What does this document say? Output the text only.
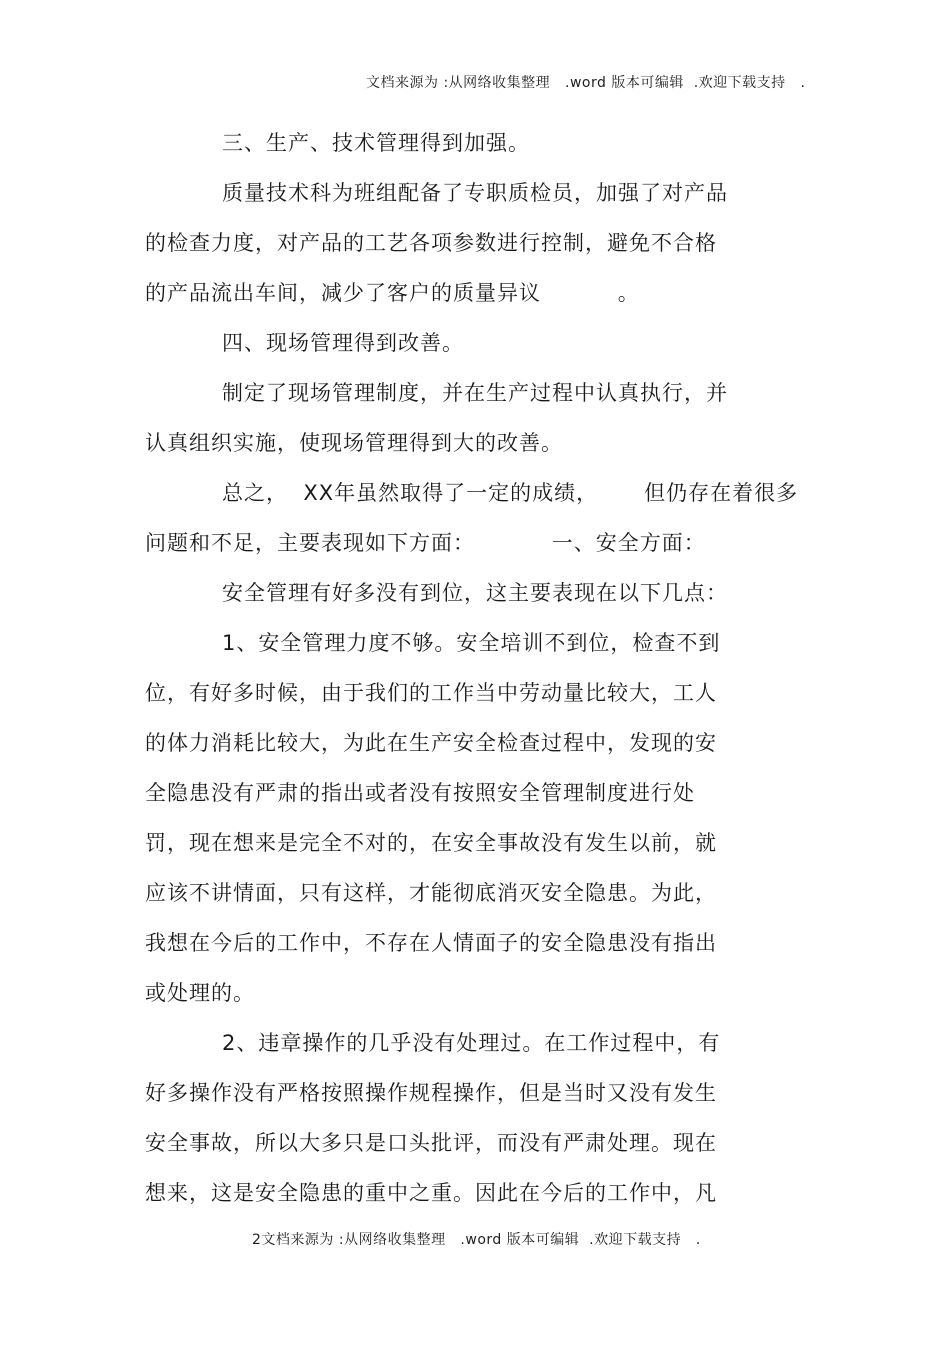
文档来源为 :从网络收集整理   .word 版本可编辑  .欢迎下载支持   .
三、生产、技术管理得到加强。
质量技术科为班组配备了专职质检员，加强了对产品
的检查力度，对产品的工艺各项参数进行控制，避免不合格
的产品流出车间，减少了客户的质量异议          。
四、现场管理得到改善。
制定了现场管理制度，并在生产过程中认真执行，并
认真组织实施，使现场管理得到大的改善。
总之，  XX年虽然取得了一定的成绩，      但仍存在着很多
问题和不足，主要表现如下方面：          一、安全方面：
安全管理有好多没有到位，这主要表现在以下几点：
1、安全管理力度不够。安全培训不到位，检查不到
位，有好多时候，由于我们的工作当中劳动量比较大，工人
的体力消耗比较大，为此在生产安全检查过程中，发现的安
全隐患没有严肃的指出或者没有按照安全管理制度进行处
罚，现在想来是完全不对的，在安全事故没有发生以前，就
应该不讲情面，只有这样，才能彻底消灭安全隐患。为此，
我想在今后的工作中，不存在人情面子的安全隐患没有指出
或处理的。
2、违章操作的几乎没有处理过。在工作过程中，有
好多操作没有严格按照操作规程操作，但是当时又没有发生
安全事故，所以大多只是口头批评，而没有严肃处理。现在
想来，这是安全隐患的重中之重。因此在今后的工作中，凡
2文档来源为 :从网络收集整理   .word 版本可编辑  .欢迎下载支持   .
